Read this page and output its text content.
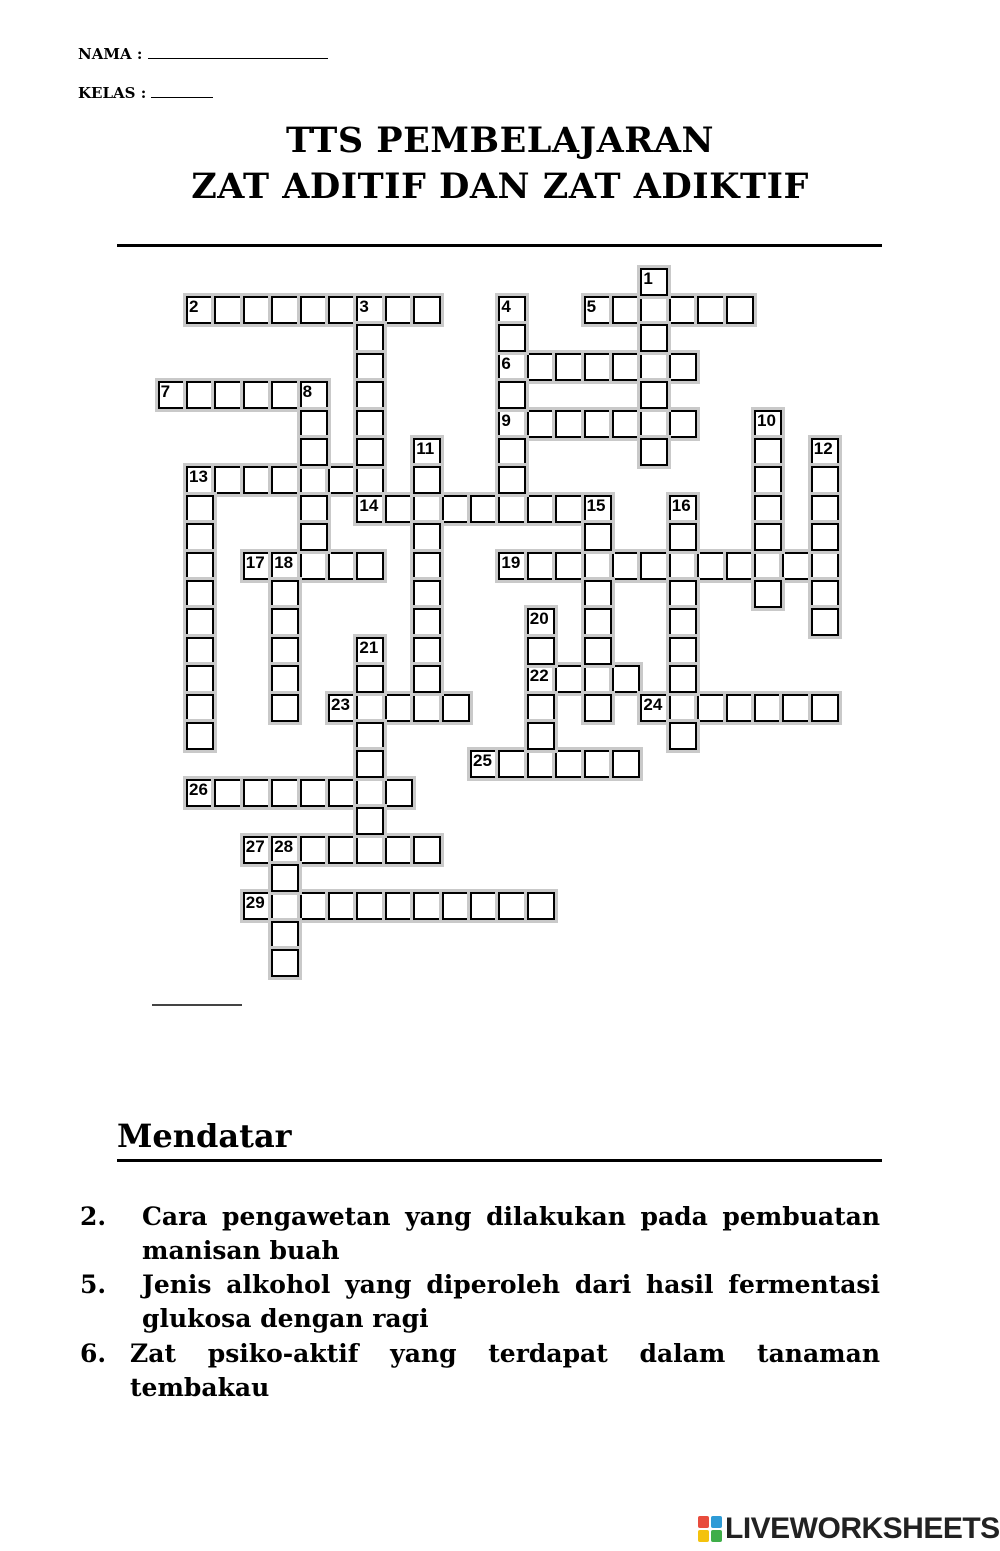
NAMA :
KELAS :
TTS PEMBELAJARAN
ZAT ADITIF DAN ZAT ADIKTIF
2	3	5
6
7	8
9
13
14	15
17 18	19
22
23	24
25
26
27 28
29
1
4
10
11	12
16
20
21
Mendatar
2. Cara pengawetan yang dilakukan pada pembuatan manisan buah
5. Jenis alkohol yang diperoleh dari hasil fermentasi glukosa dengan ragi
6. Zat psiko-aktif yang terdapat dalam tanaman tembakau
LIVEWORKSHEETS
